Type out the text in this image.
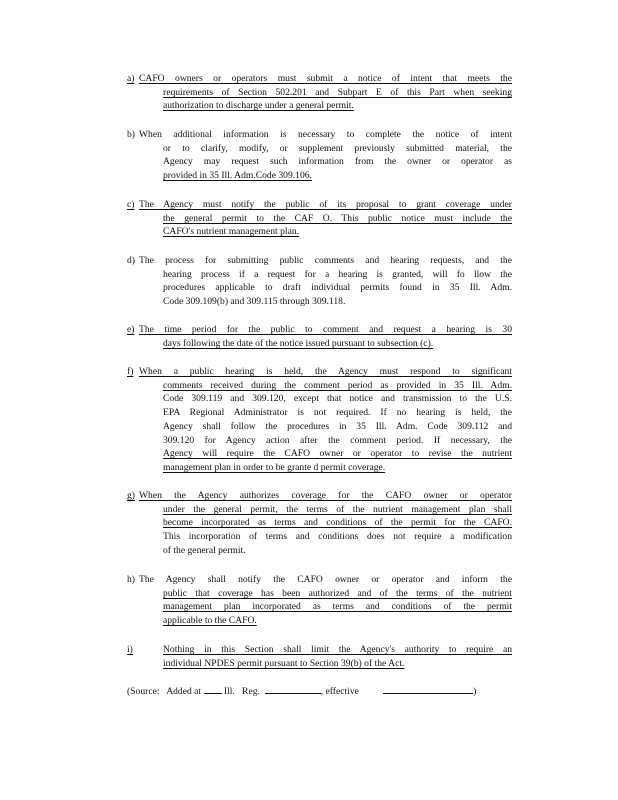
a) CAFO owners or operators must submit a notice of intent that meets the
requirements of Section 502.201 and Subpart E of this Part when seeking
authorization to discharge under a general permit.
b) When additional information is necessary to complete the notice of intent
or to clarify, modify, or supplement previously submitted material, the
Agency may request such information from the owner or operator as
provided in 35 Ill. Adm.Code 309.106.
c) The Agency must notify the public of its proposal to grant coverage under
the general permit to the CAF O. This public notice must include the
CAFO's nutrient management plan.
d) The process for submitting public comments and hearing requests, and the
hearing process if a request for a hearing is granted, will fo llow the
procedures applicable to draft individual permits found in 35 Ill. Adm.
Code 309.109(b) and 309.115 through 309.118.
e) The time period for the public to comment and request a hearing is 30
days following the date of the notice issued pursuant to subsection (c).
f) When a public hearing is held, the Agency must respond to significant
comments received during the comment period as provided in 35 Ill. Adm.
Code 309.119 and 309.120, except that notice and transmission to the U.S.
EPA Regional Administrator is not required. If no hearing is held, the
Agency shall follow the procedures in 35 Ill. Adm. Code 309.112 and
309.120 for Agency action after the comment period. If necessary, the
Agency will require the CAFO owner or operator to revise the nutrient
management plan in order to be grante d permit coverage.
g) When the Agency authorizes coverage for the CAFO owner or operator
under the general permit, the terms of the nutrient management plan shall
become incorporated as terms and conditions of the permit for the CAFO.
This incorporation of terms and conditions does not require a modification
of the general permit.
h) The Agency shall notify the CAFO owner or operator and inform the
public that coverage has been authorized and of the terms of the nutrient
management plan incorporated as terms and conditions of the permit
applicable to the CAFO.
i)	Nothing in this Section shall limit the Agency's authority to require an
individual NPDES permit pursuant to Section 39(b) of the Act.
(Source: Added at Ill. Reg.	, effective	)
